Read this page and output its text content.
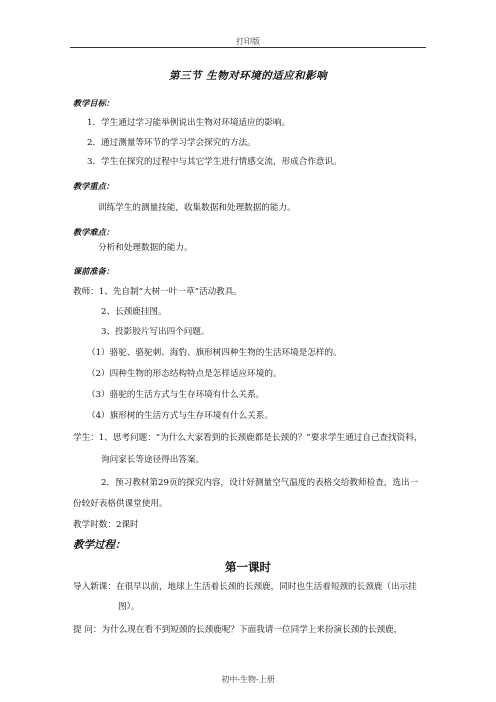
打印版
第三节 生物对环境的适应和影响
教学目标：
1．学生通过学习能举例说出生物对环境适应的影响。
2．通过测量等环节的学习学会探究的方法。
3．学生在探究的过程中与其它学生进行情感交流，形成合作意识。
教学重点：
训练学生的测量技能，收集数据和处理数据的能力。
教学难点：
分析和处理数据的能力。
课前准备：
教师：1、先自制“大树一叶一草”活动教具。
2、长颈鹿挂图。
3、投影胶片写出四个问题。
（1）骆驼、骆驼刺、海豹、旗形树四种生物的生活环境是怎样的。
（2）四种生物的形态结构特点是怎样适应环境的。
（3）骆驼的生活方式与生存环境有什么关系。
（4）旗形树的生活方式与生存环境有什么关系。
学生：1、思考问题：“为什么大家看到的长颈鹿都是长颈的？”要求学生通过自己查找资料，
询问家长等途径得出答案。
2．预习教材第29页的探究内容，设计好测量空气温度的表格交给教师检查，选出一
份较好表格供课堂使用。
教学时数：2课时
教学过程：
第一课时
导入新课：在很早以前，地球上生活着长颈的长颈鹿，同时也生活着短颈的长颈鹿（出示挂
图）。
提 问：为什么现在看不到短颈的长颈鹿呢？下面我请一位同学上来扮演长颈的长颈鹿，
初中-生物-上册
